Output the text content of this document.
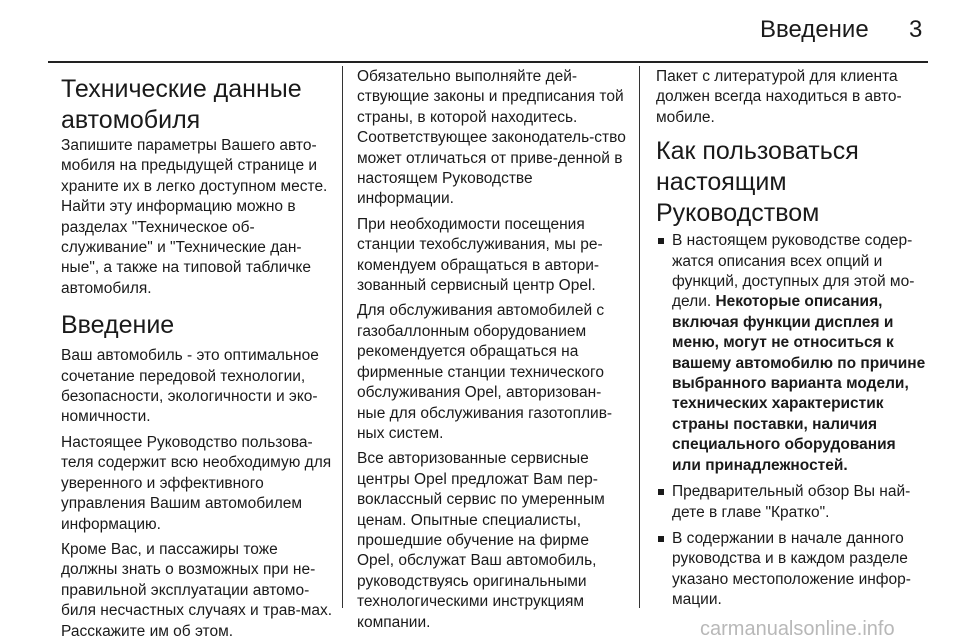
Введение 3
Технические данные автомобиля

Запишите параметры Вашего авто-мобиля на предыдущей странице и храните их в легко доступном месте. Найти эту информацию можно в разделах "Техническое об-служивание" и "Технические дан-ные", а также на типовой табличке автомобиля.

Введение

Ваш автомобиль - это оптимальное сочетание передовой технологии, безопасности, экологичности и эко-номичности.

Настоящее Руководство пользова-теля содержит всю необходимую для уверенного и эффективного управления Вашим автомобилем информацию.

Кроме Вас, и пассажиры тоже должны знать о возможных при не-правильной эксплуатации автомо-биля несчастных случаях и трав-мах. Расскажите им об этом.

Обязательно выполняйте дей-ствующие законы и предписания той страны, в которой находитесь. Соответствующее законодатель-ство может отличаться от приве-денной в настоящем Руководстве информации.

При необходимости посещения станции техобслуживания, мы ре-комендуем обращаться в автори-зованный сервисный центр Opel.

Для обслуживания автомобилей с газобаллонным оборудованием рекомендуется обращаться на фирменные станции технического обслуживания Opel, авторизован-ные для обслуживания газотоплив-ных систем.

Все авторизованные сервисные центры Opel предложат Вам пер-воклассный сервис по умеренным ценам. Опытные специалисты, прошедшие обучение на фирме Opel, обслужат Ваш автомобиль, руководствуясь оригинальными технологическими инструкциям компании.

Пакет с литературой для клиента должен всегда находиться в авто-мобиле.

Как пользоваться настоящим Руководством
В настоящем руководстве содер-жатся описания всех опций и функций, доступных для этой мо-дели. Некоторые описания, включая функции дисплея и меню, могут не относиться к вашему автомобилю по причине выбранного варианта модели, технических характеристик страны поставки, наличия специального оборудования или принадлежностей.
Предварительный обзор Вы най-дете в главе "Кратко".
В содержании в начале данного руководства и в каждом разделе указано местоположение инфор-мации.
carmanualsonline.info
